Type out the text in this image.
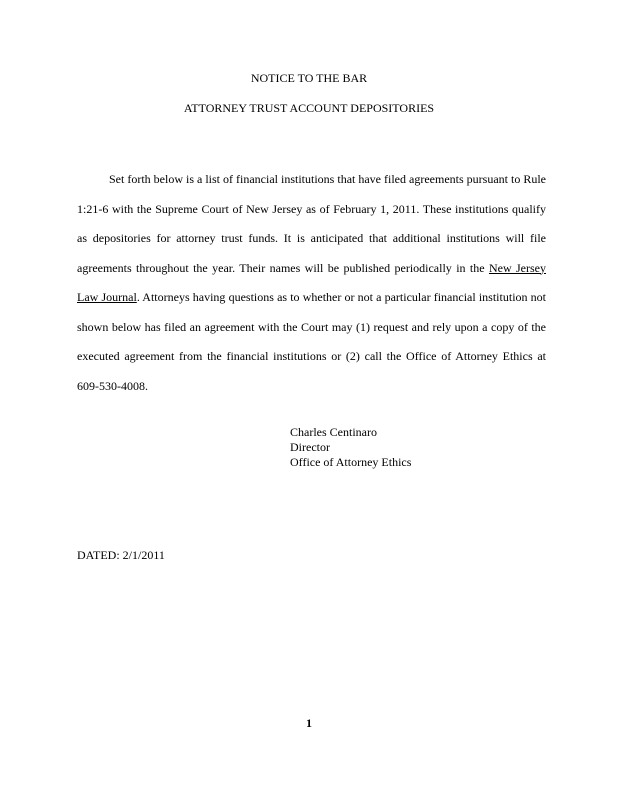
NOTICE TO THE BAR
ATTORNEY TRUST ACCOUNT DEPOSITORIES

Set forth below is a list of financial institutions that have filed agreements pursuant to Rule 1:21-6 with the Supreme Court of New Jersey as of February 1, 2011. These institutions qualify as depositories for attorney trust funds. It is anticipated that additional institutions will file agreements throughout the year. Their names will be published periodically in the New Jersey Law Journal. Attorneys having questions as to whether or not a particular financial institution not shown below has filed an agreement with the Court may (1) request and rely upon a copy of the executed agreement from the financial institutions or (2) call the Office of Attorney Ethics at 609-530-4008.

Charles Centinaro
Director
Office of Attorney Ethics
DATED: 2/1/2011
1
